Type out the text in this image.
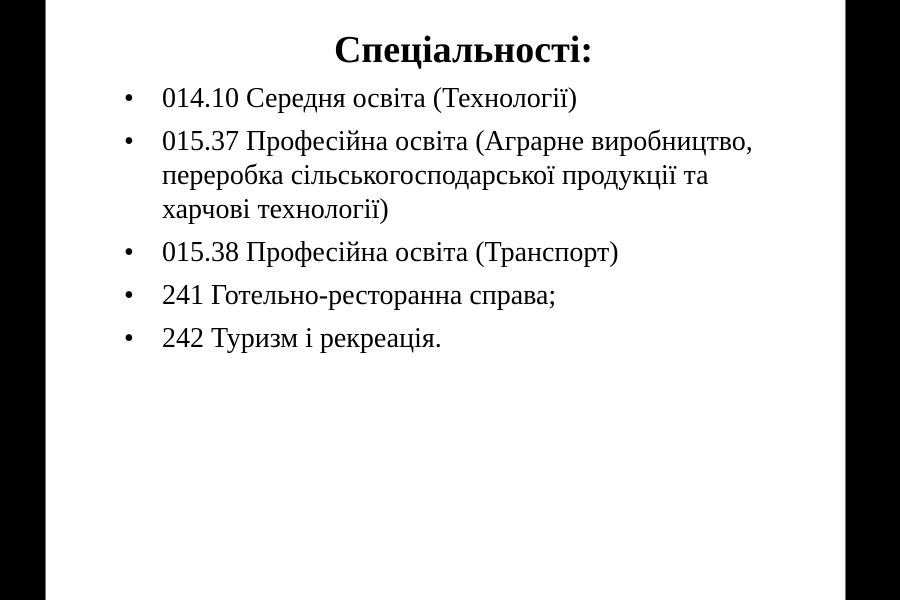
Спеціальності:
•	014.10 Середня освіта (Технології)
•	015.37 Професійна освіта (Аграрне виробництво,
переробка сільськогосподарської продукції та
харчові технології)
•	015.38 Професійна освіта (Транспорт)
•	241 Готельно-ресторанна справа;
•	242 Туризм і рекреація.
